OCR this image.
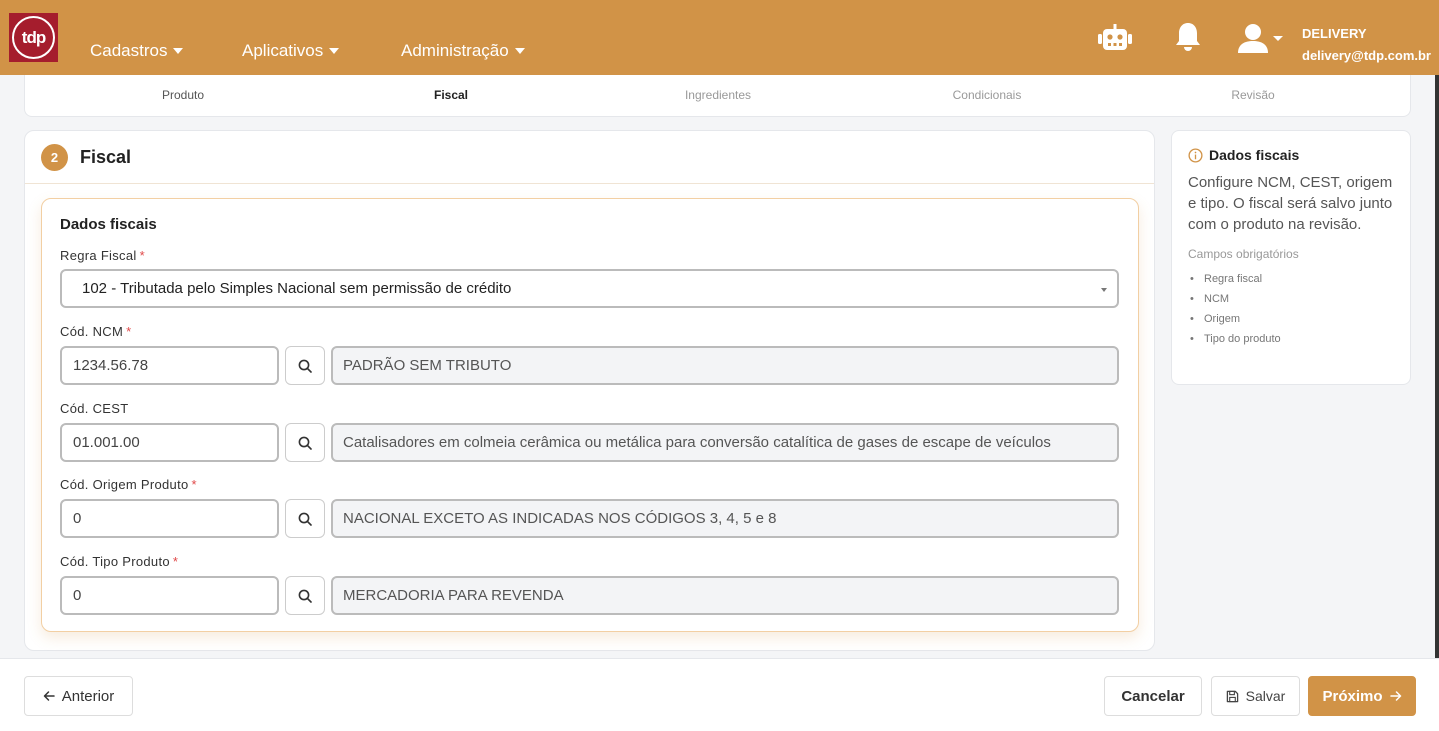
tdp
Cadastros	Aplicativos	Administração
DELIVERY
delivery@tdp.com.br
Produto	Fiscal	Ingredientes	Condicionais	Revisão
2	Fiscal
Dados fiscais
Regra Fiscal *
102 - Tributada pelo Simples Nacional sem permissão de crédito
Cód. NCM *
1234.56.78
PADRÃO SEM TRIBUTO
Cód. CEST
01.001.00
Catalisadores em colmeia cerâmica ou metálica para conversão catalítica de gases de escape de veículos
Cód. Origem Produto *
0
NACIONAL EXCETO AS INDICADAS NOS CÓDIGOS 3, 4, 5 e 8
Cód. Tipo Produto *
0
MERCADORIA PARA REVENDA
Dados fiscais
Configure NCM, CEST, origem e tipo. O fiscal será salvo junto com o produto na revisão.
Campos obrigatórios
• Regra fiscal
• NCM
• Origem
• Tipo do produto
Anterior	Cancelar	Salvar Próximo
